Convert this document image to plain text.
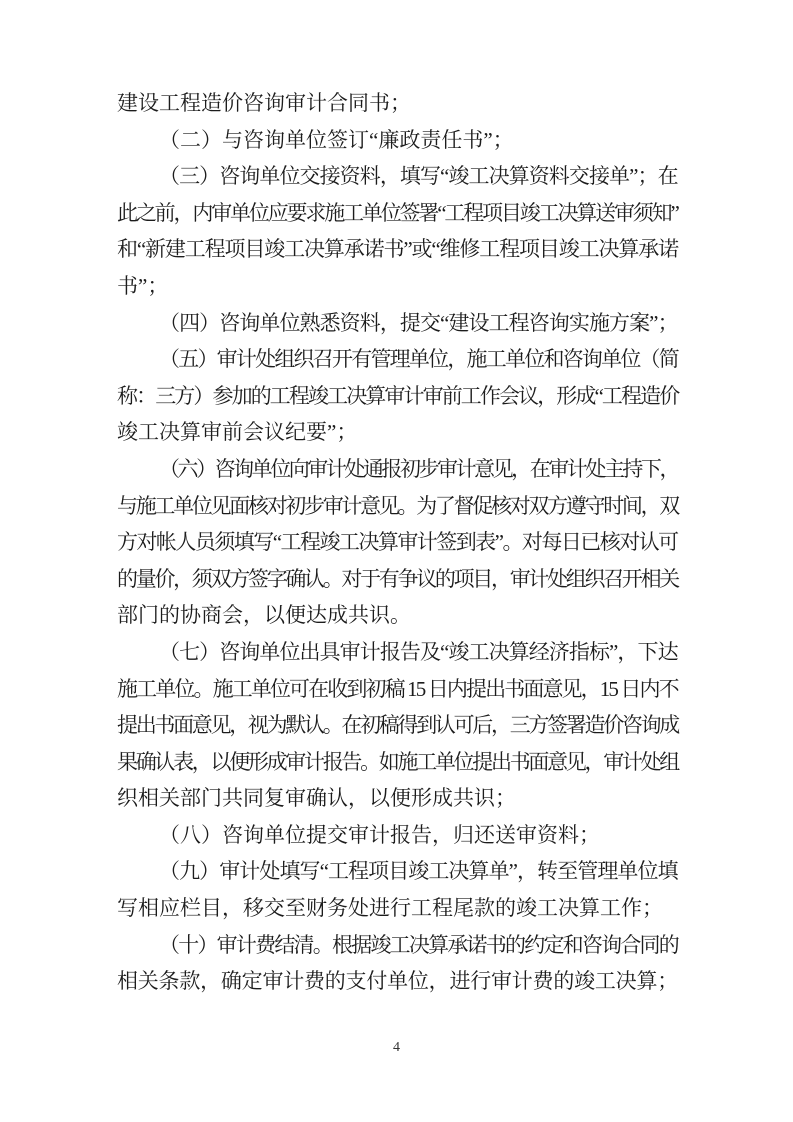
建设工程造价咨询审计合同书；
（二）与咨询单位签订“廉政责任书”；
（三）咨询单位交接资料，填写“竣工决算资料交接单”；在
此之前，内审单位应要求施工单位签署“工程项目竣工决算送审须知”
和“新建工程项目竣工决算承诺书”或“维修工程项目竣工决算承诺
书”；
（四）咨询单位熟悉资料，提交“建设工程咨询实施方案”；
（五）审计处组织召开有管理单位，施工单位和咨询单位（简
称：三方）参加的工程竣工决算审计审前工作会议，形成“工程造价
竣工决算审前会议纪要”；
（六）咨询单位向审计处通报初步审计意见，在审计处主持下，
与施工单位见面核对初步审计意见。为了督促核对双方遵守时间，双
方对帐人员须填写“工程竣工决算审计签到表”。对每日已核对认可
的量价，须双方签字确认。对于有争议的项目，审计处组织召开相关
部门的协商会，以便达成共识。
（七）咨询单位出具审计报告及“竣工决算经济指标”，下达
施工单位。施工单位可在收到初稿 15 日内提出书面意见，15 日内不
提出书面意见，视为默认。在初稿得到认可后，三方签署造价咨询成
果确认表，以便形成审计报告。如施工单位提出书面意见，审计处组
织相关部门共同复审确认，以便形成共识；
（八）咨询单位提交审计报告，归还送审资料；
（九）审计处填写“工程项目竣工决算单”，转至管理单位填
写相应栏目，移交至财务处进行工程尾款的竣工决算工作；
（十）审计费结清。根据竣工决算承诺书的约定和咨询合同的
相关条款，确定审计费的支付单位，进行审计费的竣工决算；
4
